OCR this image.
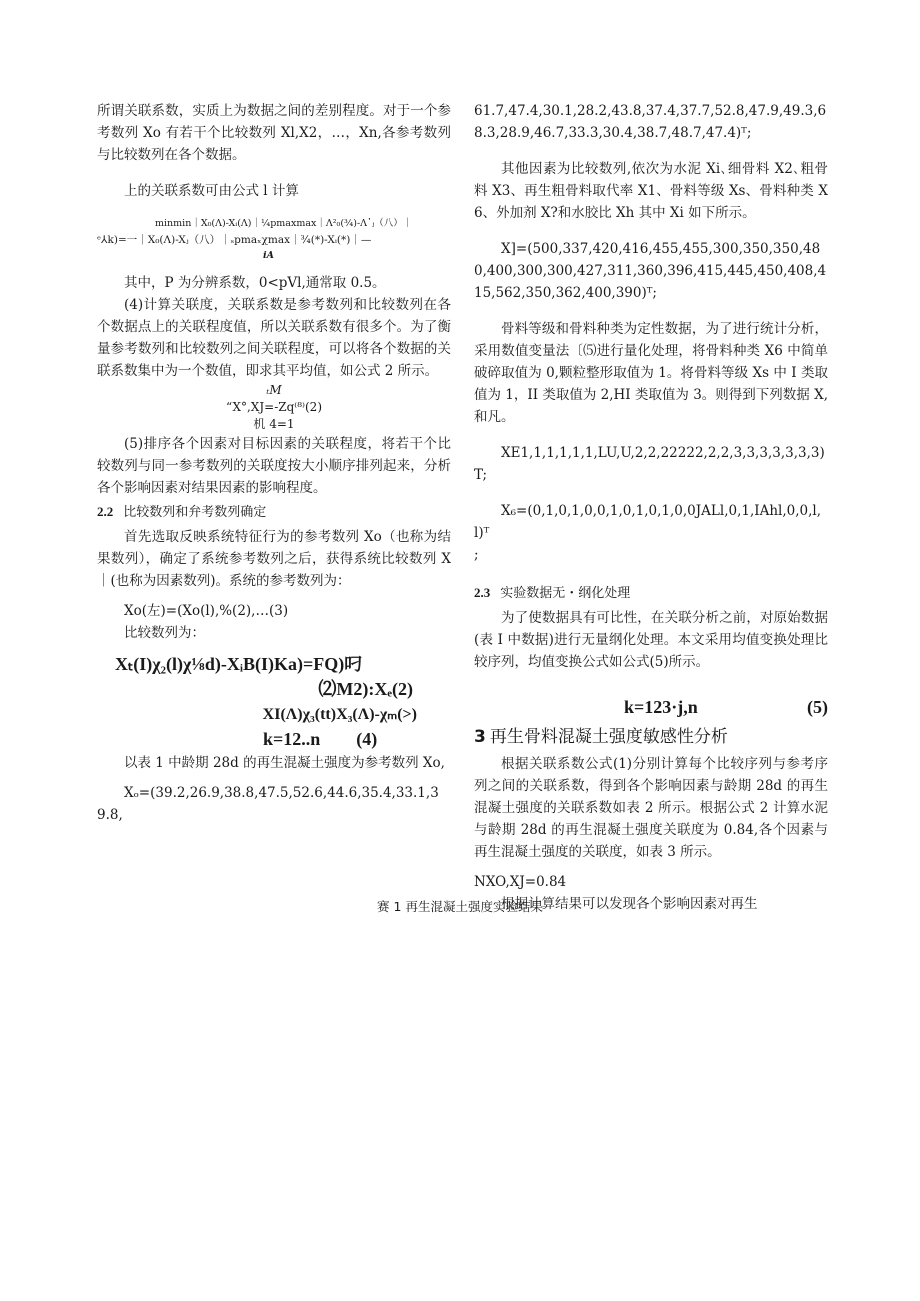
所谓关联系数，实质上为数据之间的差别程度。对于一个参考数列 Xo 有若干个比较数列 Xl,X2，…，Xn,各参考数列与比较数列在各个数据。

上的关联系数可由公式 l 计算

minmin｜X₀(Λ)-Xᵢ(Λ)｜¼pmaxmax｜Λ²₀(¾)-Λ᾿ⱼ（八）｜
ᵉ⅄k)=一｜X₀(Λ)-Xⱼ（八）｜ₛpmaₓχmax｜¾(*)-Xᵢ(*)｜—
iA

其中，P 为分辨系数，0<pVl,通常取 0.5。

(4)计算关联度，关联系数是参考数列和比较数列在各个数据点上的关联程度值，所以关联系数有很多个。为了衡量参考数列和比较数列之间关联程度，可以将各个数据的关联系数集中为一个数值，即求其平均值，如公式 2 所示。

ₜM
“X°,XJ=-Zq⁽⁸⁾(2)
机 4=1

(5)排序各个因素对目标因素的关联程度，将若干个比较数列与同一参考数列的关联度按大小顺序排列起来，分析各个影响因素对结果因素的影响程度。

2.2 比较数列和弁考数列确定

首先选取反映系统特征行为的参考数列 Xo（也称为结果数列），确定了系统参考数列之后，获得系统比较数列 X｜(也称为因素数列)。系统的参考数列为：

Xo(左)=(Xo(l),%(2),…(3)

比较数列为：

Xₜ(I)χ₂(l)χ⅛d)-XᵢB(I)Ka)=FQ)叼
⑵M2):Xₑ(2)
XI(Λ)χ₃(tt)X₃(Λ)-χₘ(>)
k=12..n (4)

以表 1 中龄期 28d 的再生混凝土强度为参考数列 Xo,

Xₒ=(39.2,26.9,38.8,47.5,52.6,44.6,35.4,33.1,39.8,

61.7,47.4,30.1,28.2,43.8,37.4,37.7,52.8,47.9,49.3,68.3,28.9,46.7,33.3,30.4,38.7,48.7,47.4)ᵀ;

其他因素为比较数列,依次为水泥 Xi､细骨料 X2､粗骨料 X3、再生粗骨料取代率 X1、骨料等级 Xs、骨料种类 X6、外加剂 X?和水胶比 Xh 其中 Xi 如下所示。

X]=(500,337,420,416,455,455,300,350,350,480,400,300,300,427,311,360,396,415,445,450,408,415,562,350,362,400,390)ᵀ;

骨料等级和骨料种类为定性数据，为了进行统计分析，采用数值变量法〔⑸进行量化处理，将骨料种类 X6 中简单破碎取值为 0,颗粒整形取值为 1。将骨料等级 Xs 中 I 类取值为 1，II 类取值为 2,HI 类取值为 3。则得到下列数据 X,和凡。

XE1,1,1,1,1,1,LU,U,2,2,22222,2,2,3,3,3,3,3,3,3)T;

X₆=(0,1,0,1,0,0,1,0,1,0,1,0,0JALl,0,1,IAhl,0,0,l,l)ᵀ

;

2.3 实验数据无・纲化处理

为了使数据具有可比性，在关联分析之前，对原始数据(表 I 中数据)进行无量纲化处理。本文采用均值变换处理比较序列，均值变换公式如公式(5)所示。

k=123·j,n	(5)
3 再生骨料混凝土强度敏感性分析

根据关联系数公式(1)分别计算每个比较序列与参考序列之间的关联系数，得到各个影响因素与龄期 28d 的再生混凝土强度的关联系数如表 2 所示。根据公式 2 计算水泥与龄期 28d 的再生混凝土强度关联度为 0.84,各个因素与再生混凝土强度的关联度，如表 3 所示。

NXO,XJ=0.84

根据计算结果可以发现各个影响因素对再生

赛 1 再生混凝土强度实验结果
